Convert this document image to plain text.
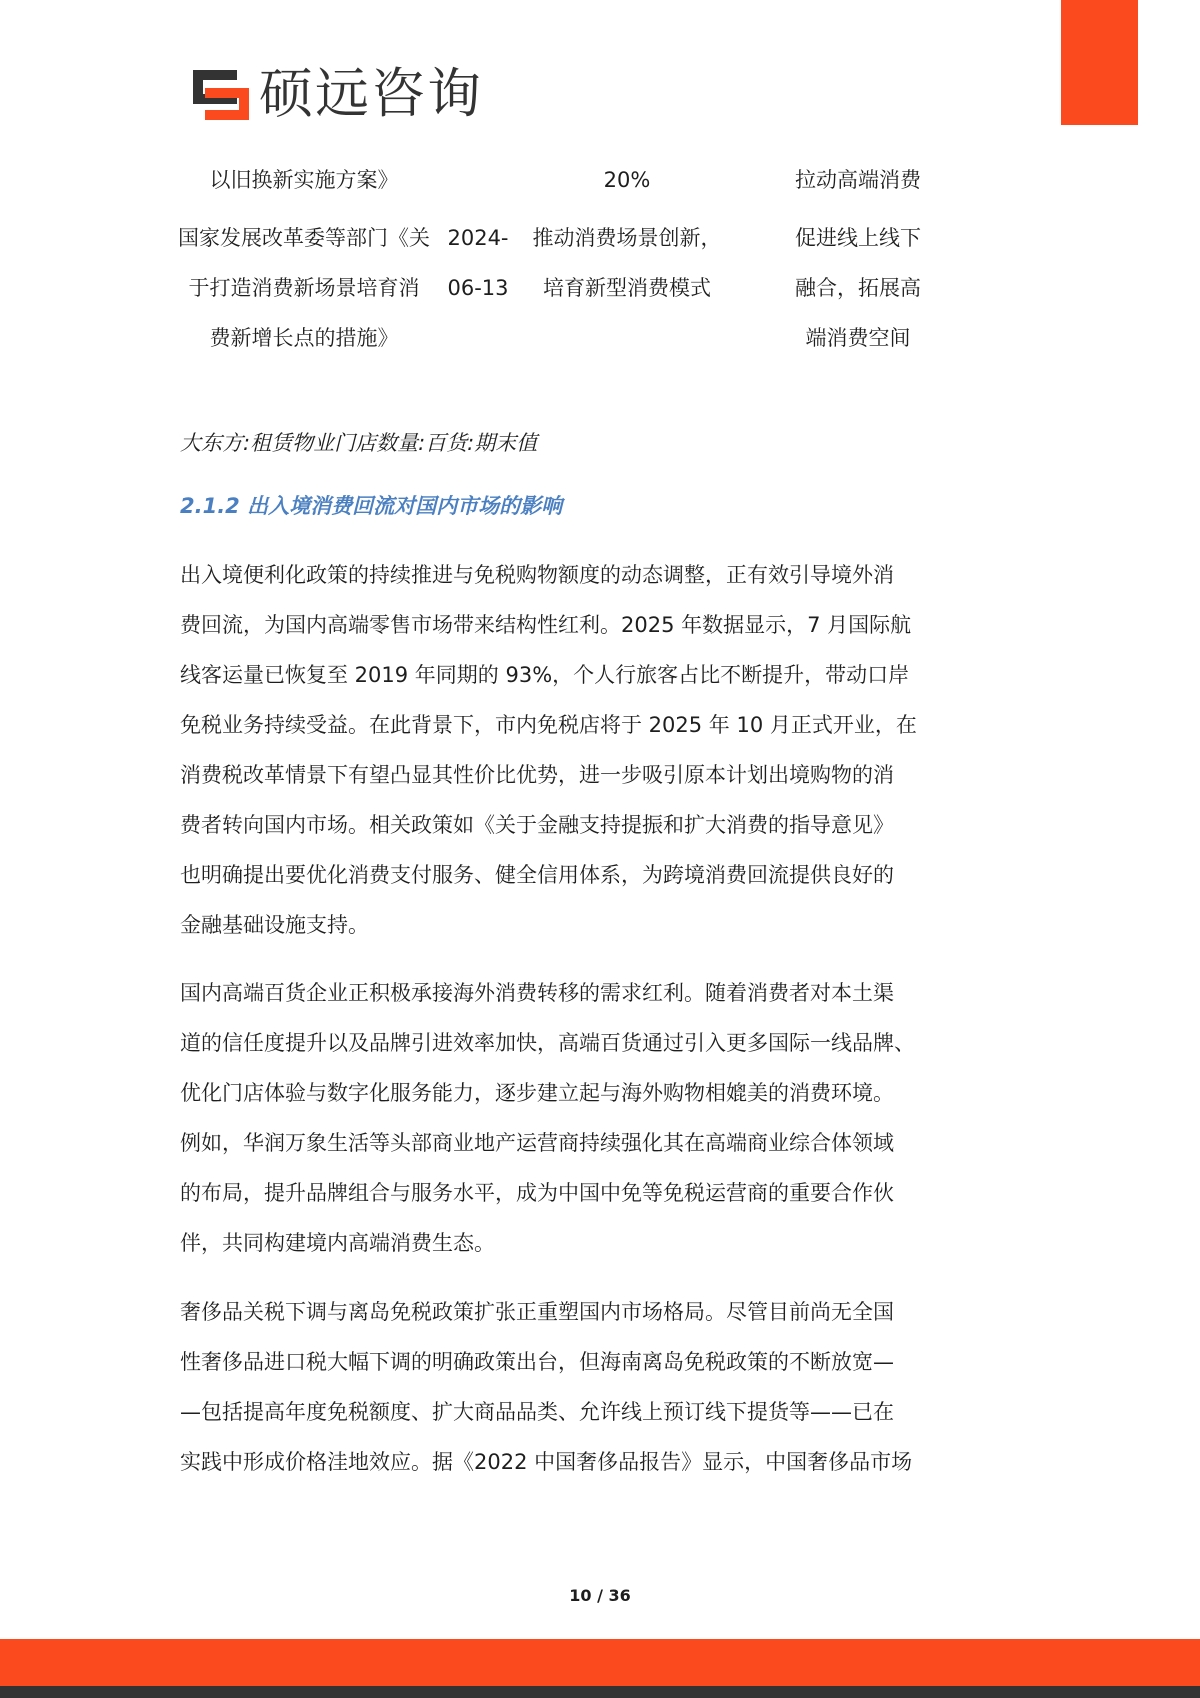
硕远咨询
以旧换新实施方案》	20%	拉动高端消费
国家发展改革委等部门《关
于打造消费新场景培育消
费新增长点的措施》
2024-
06-13
推动消费场景创新，
培育新型消费模式
促进线上线下
融合，拓展高
端消费空间
大东方:租赁物业门店数量:百货:期末值
2.1.2 出入境消费回流对国内市场的影响
出入境便利化政策的持续推进与免税购物额度的动态调整，正有效引导境外消
费回流，为国内高端零售市场带来结构性红利。2025 年数据显示，7 月国际航
线客运量已恢复至 2019 年同期的 93%，个人行旅客占比不断提升，带动口岸
免税业务持续受益。在此背景下，市内免税店将于 2025 年 10 月正式开业，在
消费税改革情景下有望凸显其性价比优势，进一步吸引原本计划出境购物的消
费者转向国内市场。相关政策如《关于金融支持提振和扩大消费的指导意见》
也明确提出要优化消费支付服务、健全信用体系，为跨境消费回流提供良好的
金融基础设施支持。
国内高端百货企业正积极承接海外消费转移的需求红利。随着消费者对本土渠
道的信任度提升以及品牌引进效率加快，高端百货通过引入更多国际一线品牌、
优化门店体验与数字化服务能力，逐步建立起与海外购物相媲美的消费环境。
例如，华润万象生活等头部商业地产运营商持续强化其在高端商业综合体领域
的布局，提升品牌组合与服务水平，成为中国中免等免税运营商的重要合作伙
伴，共同构建境内高端消费生态。
奢侈品关税下调与离岛免税政策扩张正重塑国内市场格局。尽管目前尚无全国
性奢侈品进口税大幅下调的明确政策出台，但海南离岛免税政策的不断放宽—
—包括提高年度免税额度、扩大商品品类、允许线上预订线下提货等——已在
实践中形成价格洼地效应。据《2022 中国奢侈品报告》显示，中国奢侈品市场
10 / 36
